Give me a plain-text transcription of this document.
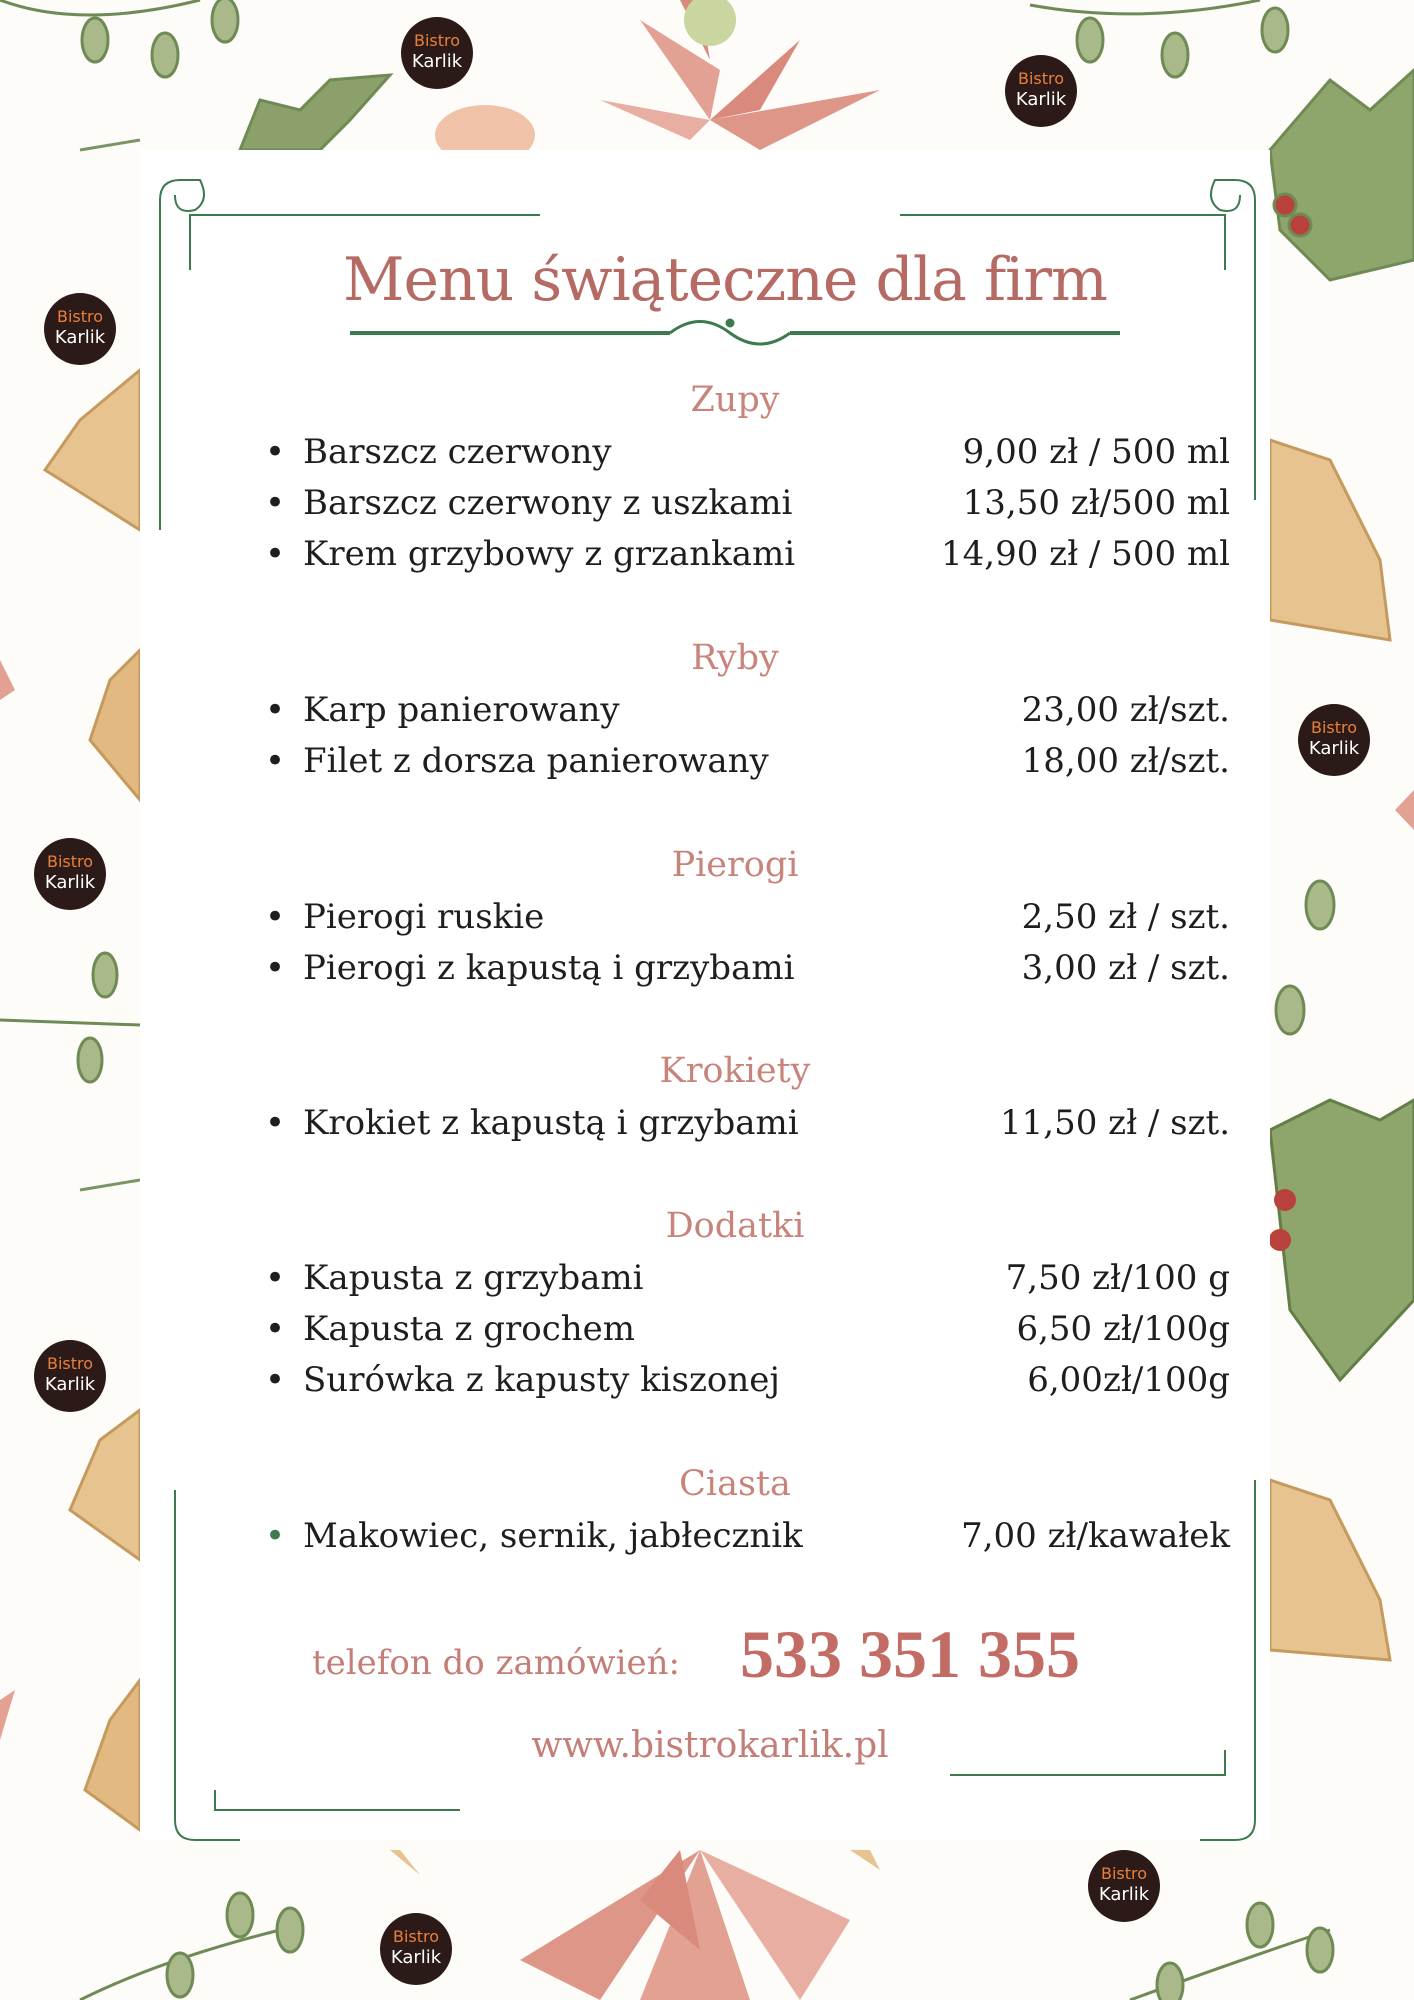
Bistro
Karlik
Bistro
Karlik
Bistro
Karlik
Bistro
Karlik
Bistro
Karlik
Bistro
Karlik
Bistro
Karlik
Bistro
Karlik
Menu świąteczne dla firm
Zupy
• Barszcz czerwony	9,00 zł / 500 ml
• Barszcz czerwony z uszkami	13,50 zł/500 ml
• Krem grzybowy z grzankami	14,90 zł / 500 ml
Ryby
• Karp panierowany	23,00 zł/szt.
• Filet z dorsza panierowany	18,00 zł/szt.
Pierogi
• Pierogi ruskie	2,50 zł / szt.
• Pierogi z kapustą i grzybami	3,00 zł / szt.
Krokiety
• Krokiet z kapustą i grzybami	11,50 zł / szt.
Dodatki
• Kapusta z grzybami	7,50 zł/100 g
• Kapusta z grochem	6,50 zł/100g
• Surówka z kapusty kiszonej	6,00zł/100g
Ciasta
• Makowiec, sernik, jabłecznik	7,00 zł/kawałek
telefon do zamówień: 533 351 355
www.bistrokarlik.pl
